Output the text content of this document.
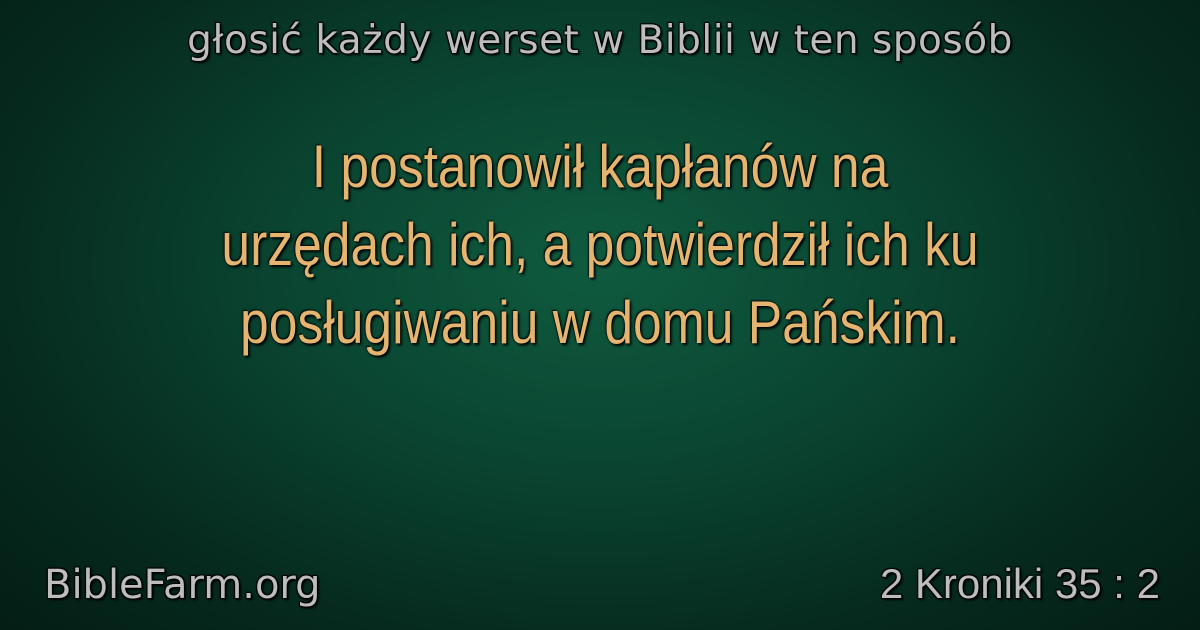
głosić każdy werset w Biblii w ten sposób
I postanowił kapłanów na
urzędach ich, a potwierdził ich ku
posługiwaniu w domu Pańskim.
BibleFarm.org	2 Kroniki 35 : 2
